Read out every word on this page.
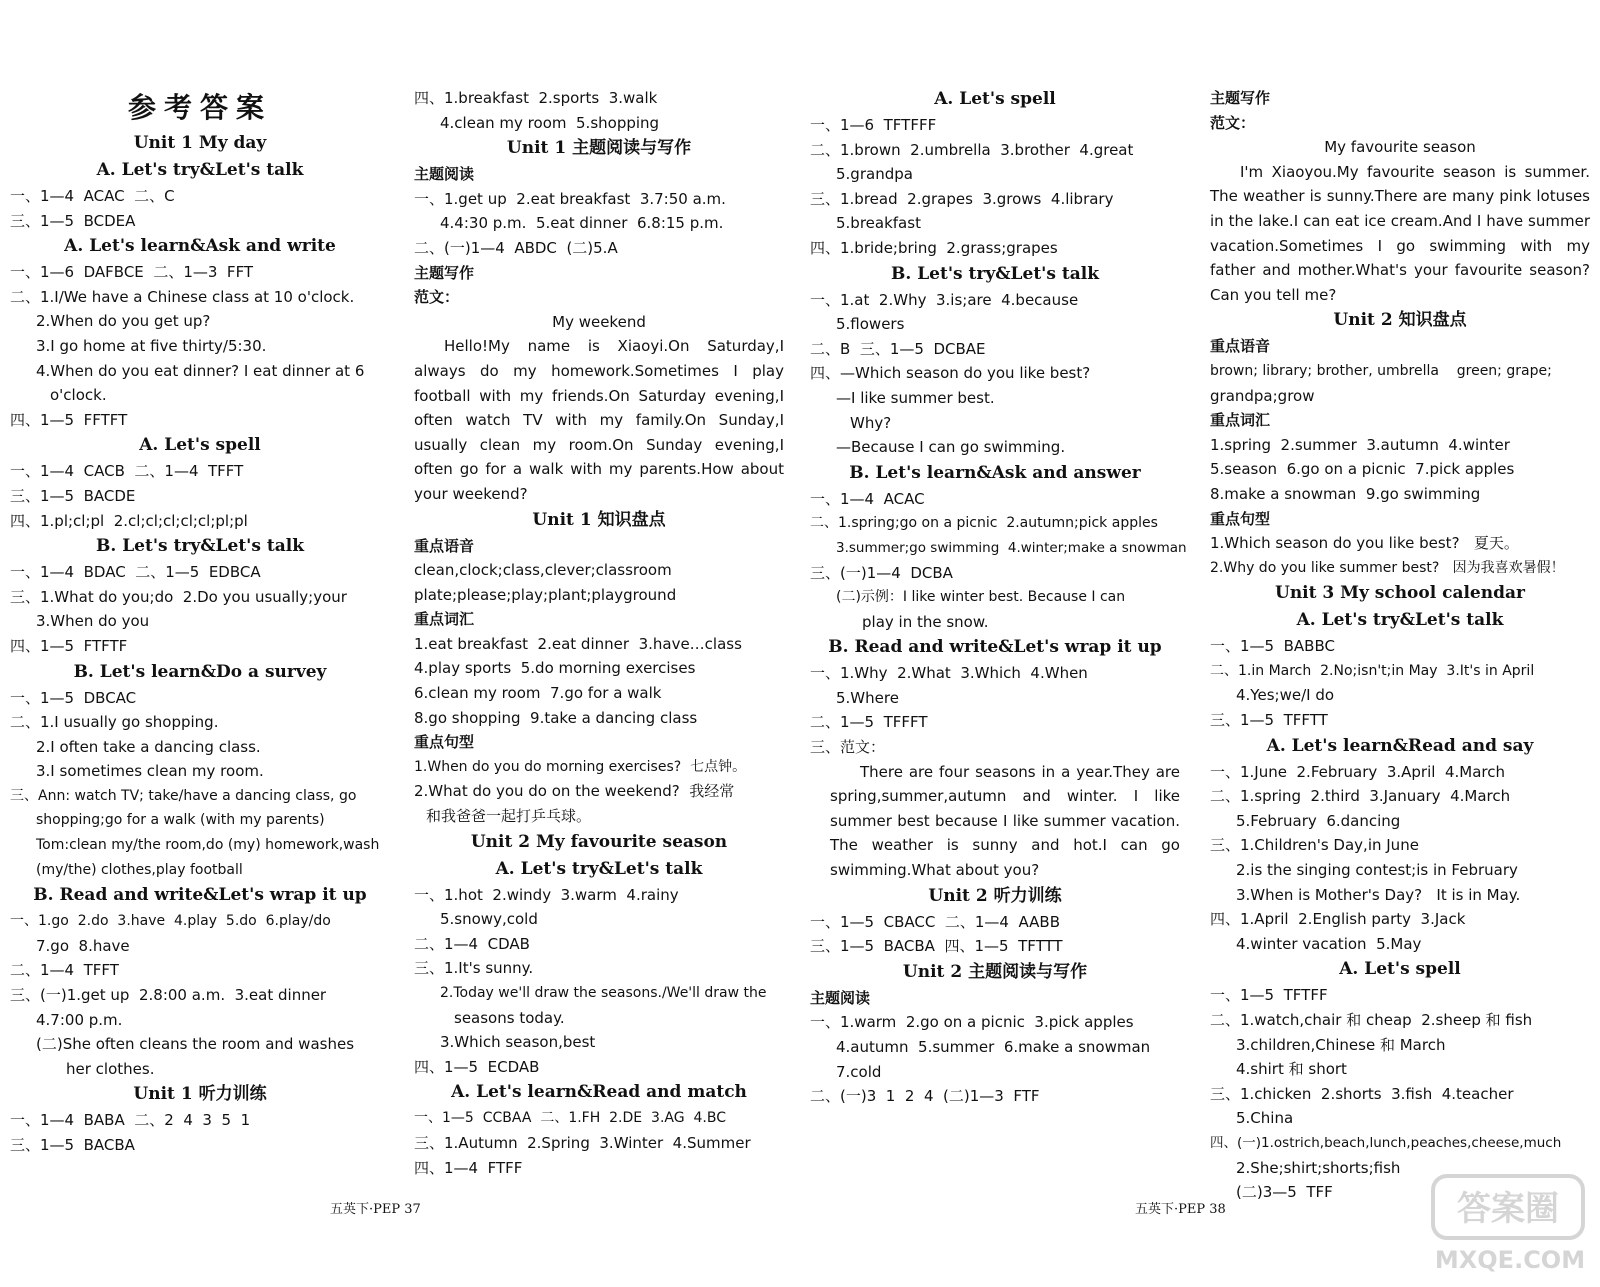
参考答案
Unit 1 My day
A. Let's try&Let's talk
一、1—4  ACAC  二、C
三、1—5  BCDEA
A. Let's learn&Ask and write
一、1—6  DAFBCE  二、1—3  FFT
二、1.I/We have a Chinese class at 10 o'clock.
2.When do you get up?
3.I go home at five thirty/5:30.
4.When do you eat dinner? I eat dinner at 6
o'clock.
四、1—5  FFTFT
A. Let's spell
一、1—4  CACB  二、1—4  TFFT
三、1—5  BACDE
四、1.pl;cl;pl  2.cl;cl;cl;cl;cl;pl;pl
B. Let's try&Let's talk
一、1—4  BDAC  二、1—5  EDBCA
三、1.What do you;do  2.Do you usually;your
3.When do you
四、1—5  FTFTF
B. Let's learn&Do a survey
一、1—5  DBCAC
二、1.I usually go shopping.
2.I often take a dancing class.
3.I sometimes clean my room.
三、Ann: watch TV; take/have a dancing class, go
shopping;go for a walk (with my parents)
Tom:clean my/the room,do (my) homework,wash
(my/the) clothes,play football
B. Read and write&Let's wrap it up
一、1.go  2.do  3.have  4.play  5.do  6.play/do
7.go  8.have
二、1—4  TFFT
三、(一)1.get up  2.8:00 a.m.  3.eat dinner
4.7:00 p.m.
(二)She often cleans the room and washes
her clothes.
Unit 1 听力训练
一、1—4  BABA  二、2  4  3  5  1
三、1—5  BACBA
四、1.breakfast  2.sports  3.walk
4.clean my room  5.shopping
Unit 1 主题阅读与写作
主题阅读
一、1.get up  2.eat breakfast  3.7:50 a.m.
4.4:30 p.m.  5.eat dinner  6.8:15 p.m.
二、(一)1—4  ABDC  (二)5.A
主题写作
范文：
My weekend
Hello!My name is Xiaoyi.On Saturday,I always do my homework.Sometimes I play football with my friends.On Saturday evening,I often watch TV with my family.On Sunday,I usually clean my room.On Sunday evening,I often go for a walk with my parents.How about your weekend?
Unit 1 知识盘点
重点语音
clean,clock;class,clever;classroom
plate;please;play;plant;playground
重点词汇
1.eat breakfast  2.eat dinner  3.have…class
4.play sports  5.do morning exercises
6.clean my room  7.go for a walk
8.go shopping  9.take a dancing class
重点句型
1.When do you do morning exercises?  七点钟。
2.What do you do on the weekend?  我经常
和我爸爸一起打乒乓球。
Unit 2 My favourite season
A. Let's try&Let's talk
一、1.hot  2.windy  3.warm  4.rainy
5.snowy,cold
二、1—4  CDAB
三、1.It's sunny.
2.Today we'll draw the seasons./We'll draw the
seasons today.
3.Which season,best
四、1—5  ECDAB
A. Let's learn&Read and match
一、1—5  CCBAA  二、1.FH  2.DE  3.AG  4.BC
三、1.Autumn  2.Spring  3.Winter  4.Summer
四、1—4  FTFF
A. Let's spell
一、1—6  TFTFFF
二、1.brown  2.umbrella  3.brother  4.great
5.grandpa
三、1.bread  2.grapes  3.grows  4.library
5.breakfast
四、1.bride;bring  2.grass;grapes
B. Let's try&Let's talk
一、1.at  2.Why  3.is;are  4.because
5.flowers
二、B  三、1—5  DCBAE
四、—Which season do you like best?
—I like summer best.
Why?
—Because I can go swimming.
B. Let's learn&Ask and answer
一、1—4  ACAC
二、1.spring;go on a picnic  2.autumn;pick apples
3.summer;go swimming  4.winter;make a snowman
三、(一)1—4  DCBA
(二)示例：I like winter best. Because I can
play in the snow.
B. Read and write&Let's wrap it up
一、1.Why  2.What  3.Which  4.When
5.Where
二、1—5  TFFFT
三、范文：
There are four seasons in a year.They are spring,summer,autumn and winter. I like summer best because I like summer vacation. The weather is sunny and hot.I can go swimming.What about you?
Unit 2 听力训练
一、1—5  CBACC  二、1—4  AABB
三、1—5  BACBA  四、1—5  TFTTT
Unit 2 主题阅读与写作
主题阅读
一、1.warm  2.go on a picnic  3.pick apples
4.autumn  5.summer  6.make a snowman
7.cold
二、(一)3  1  2  4  (二)1—3  FTF
主题写作
范文：
My favourite season
I'm Xiaoyou.My favourite season is summer. The weather is sunny.There are many pink lotuses in the lake.I can eat ice cream.And I have summer vacation.Sometimes I go swimming with my father and mother.What's your favourite season? Can you tell me?
Unit 2 知识盘点
重点语音
brown; library; brother, umbrella    green; grape;
grandpa;grow
重点词汇
1.spring  2.summer  3.autumn  4.winter
5.season  6.go on a picnic  7.pick apples
8.make a snowman  9.go swimming
重点句型
1.Which season do you like best?   夏天。
2.Why do you like summer best?   因为我喜欢暑假！
Unit 3 My school calendar
A. Let's try&Let's talk
一、1—5  BABBC
二、1.in March  2.No;isn't;in May  3.It's in April
4.Yes;we/I do
三、1—5  TFFTT
A. Let's learn&Read and say
一、1.June  2.February  3.April  4.March
二、1.spring  2.third  3.January  4.March
5.February  6.dancing
三、1.Children's Day,in June
2.is the singing contest;is in February
3.When is Mother's Day?   It is in May.
四、1.April  2.English party  3.Jack
4.winter vacation  5.May
A. Let's spell
一、1—5  TFTFF
二、1.watch,chair 和 cheap  2.sheep 和 fish
3.children,Chinese 和 March
4.shirt 和 short
三、1.chicken  2.shorts  3.fish  4.teacher
5.China
四、(一)1.ostrich,beach,lunch,peaches,cheese,much
2.She;shirt;shorts;fish
(二)3—5  TFF
五英下·PEP 37	五英下·PEP 38	答案圈
MXQE.COM
